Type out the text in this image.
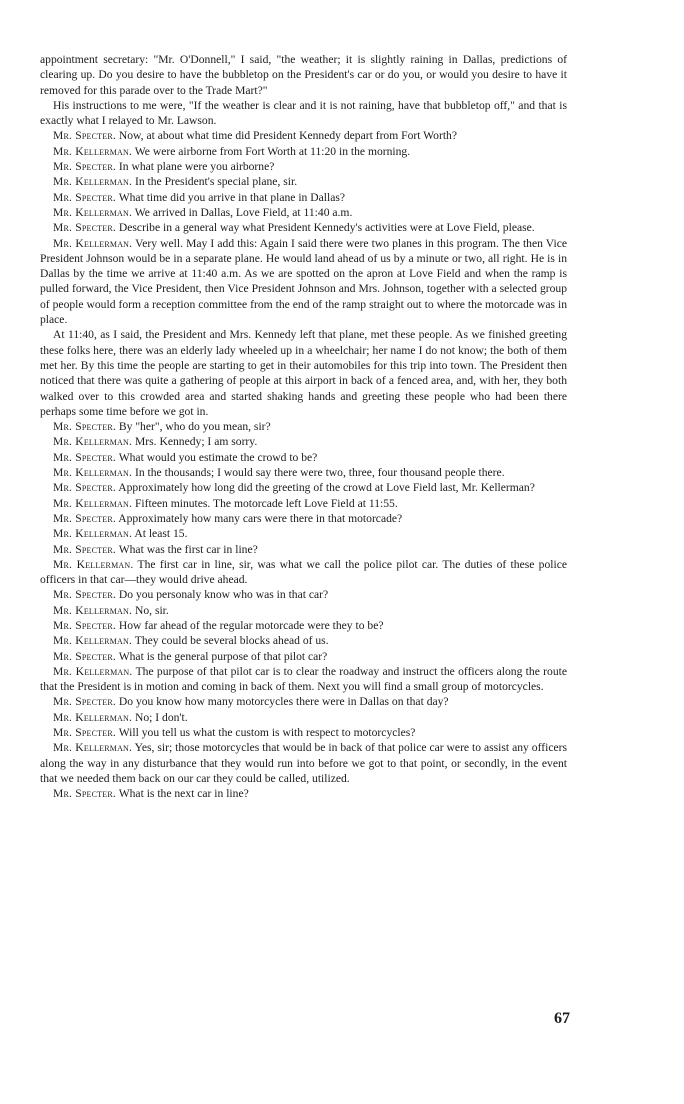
appointment secretary: "Mr. O'Donnell," I said, "the weather; it is slightly raining in Dallas, predictions of clearing up. Do you desire to have the bubbletop on the President's car or do you, or would you desire to have it removed for this parade over to the Trade Mart?"

His instructions to me were, "If the weather is clear and it is not raining, have that bubbletop off," and that is exactly what I relayed to Mr. Lawson.

Mr. Specter. Now, at about what time did President Kennedy depart from Fort Worth?

Mr. Kellerman. We were airborne from Fort Worth at 11:20 in the morning.

Mr. Specter. In what plane were you airborne?

Mr. Kellerman. In the President's special plane, sir.

Mr. Specter. What time did you arrive in that plane in Dallas?

Mr. Kellerman. We arrived in Dallas, Love Field, at 11:40 a.m.

Mr. Specter. Describe in a general way what President Kennedy's activities were at Love Field, please.

Mr. Kellerman. Very well. May I add this: Again I said there were two planes in this program. The then Vice President Johnson would be in a separate plane. He would land ahead of us by a minute or two, all right. He is in Dallas by the time we arrive at 11:40 a.m. As we are spotted on the apron at Love Field and when the ramp is pulled forward, the Vice President, then Vice President Johnson and Mrs. Johnson, together with a selected group of people would form a reception committee from the end of the ramp straight out to where the motorcade was in place.

At 11:40, as I said, the President and Mrs. Kennedy left that plane, met these people. As we finished greeting these folks here, there was an elderly lady wheeled up in a wheelchair; her name I do not know; the both of them met her. By this time the people are starting to get in their automobiles for this trip into town. The President then noticed that there was quite a gathering of people at this airport in back of a fenced area, and, with her, they both walked over to this crowded area and started shaking hands and greeting these people who had been there perhaps some time before we got in.

Mr. Specter. By "her", who do you mean, sir?

Mr. Kellerman. Mrs. Kennedy; I am sorry.

Mr. Specter. What would you estimate the crowd to be?

Mr. Kellerman. In the thousands; I would say there were two, three, four thousand people there.

Mr. Specter. Approximately how long did the greeting of the crowd at Love Field last, Mr. Kellerman?

Mr. Kellerman. Fifteen minutes. The motorcade left Love Field at 11:55.

Mr. Specter. Approximately how many cars were there in that motorcade?

Mr. Kellerman. At least 15.

Mr. Specter. What was the first car in line?

Mr. Kellerman. The first car in line, sir, was what we call the police pilot car. The duties of these police officers in that car—they would drive ahead.

Mr. Specter. Do you personaly know who was in that car?

Mr. Kellerman. No, sir.

Mr. Specter. How far ahead of the regular motorcade were they to be?

Mr. Kellerman. They could be several blocks ahead of us.

Mr. Specter. What is the general purpose of that pilot car?

Mr. Kellerman. The purpose of that pilot car is to clear the roadway and instruct the officers along the route that the President is in motion and coming in back of them. Next you will find a small group of motorcycles.

Mr. Specter. Do you know how many motorcycles there were in Dallas on that day?

Mr. Kellerman. No; I don't.

Mr. Specter. Will you tell us what the custom is with respect to motorcycles?

Mr. Kellerman. Yes, sir; those motorcycles that would be in back of that police car were to assist any officers along the way in any disturbance that they would run into before we got to that point, or secondly, in the event that we needed them back on our car they could be called, utilized.

Mr. Specter. What is the next car in line?

67
